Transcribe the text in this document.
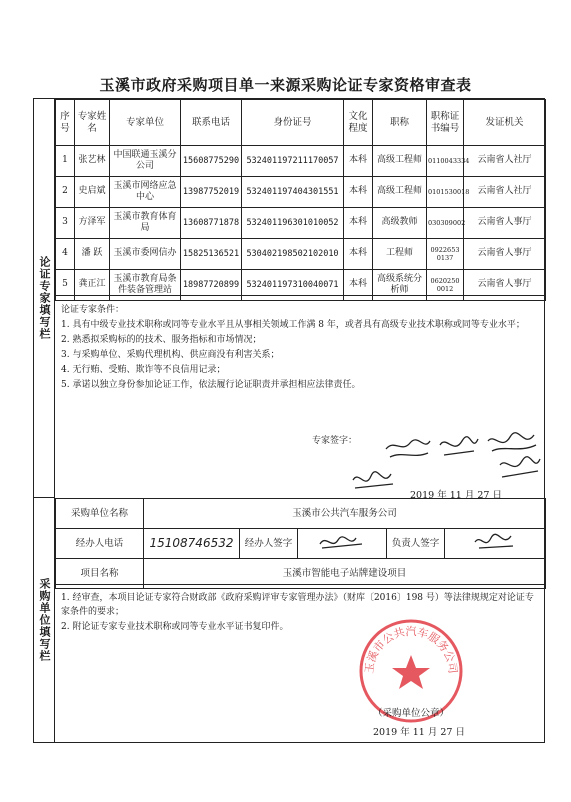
玉溪市政府采购项目单一来源采购论证专家资格审查表
论证专家填写栏
采购单位填写栏
序号	专家姓名	专家单位	联系电话	身份证号	文化程度	职称	职称证书编号	发证机关
1	张艺林	中国联通玉溪分公司	15608775290	532401197211170057	本科	高级工程师	0110043334	云南省人社厅
2	史启斌	玉溪市网络应急中心	13987752019	532401197404301551	本科	高级工程师	0101530018	云南省人社厅
3	方泽军	玉溪市教育体育局	13608771878	532401196301010052	本科	高级教师	030309002	云南省人事厅
4	潘 跃	玉溪市委网信办	15825136521	530402198502102010	本科	工程师	0922653 0137	云南省人事厅
5	龚正江	玉溪市教育局条件装备管理站	18987720899	532401197310040071	本科	高级系统分析师	0620250 0012	云南省人事厅
论证专家条件：
1. 具有中级专业技术职称或同等专业水平且从事相关领域工作满 8 年，或者具有高级专业技术职称或同等专业水平；
2. 熟悉拟采购标的的技术、服务指标和市场情况；
3. 与采购单位、采购代理机构、供应商没有利害关系；
4. 无行贿、受贿、欺诈等不良信用记录；
5. 承诺以独立身份参加论证工作，依法履行论证职责并承担相应法律责任。
专家签字：
2019 年 11 月 27 日
采购单位名称	玉溪市公共汽车服务公司				
经办人电话	15108746532	经办人签字		负责人签字	
项目名称	玉溪市智能电子站牌建设项目				
1. 经审查，本项目论证专家符合财政部《政府采购评审专家管理办法》（财库〔2016〕198 号）等法律规规定对论证专家条件的要求；
2. 附论证专家专业技术职称或同等专业水平证书复印件。
玉溪市公共汽车服务公司
（采购单位公章）
2019 年 11 月 27 日
